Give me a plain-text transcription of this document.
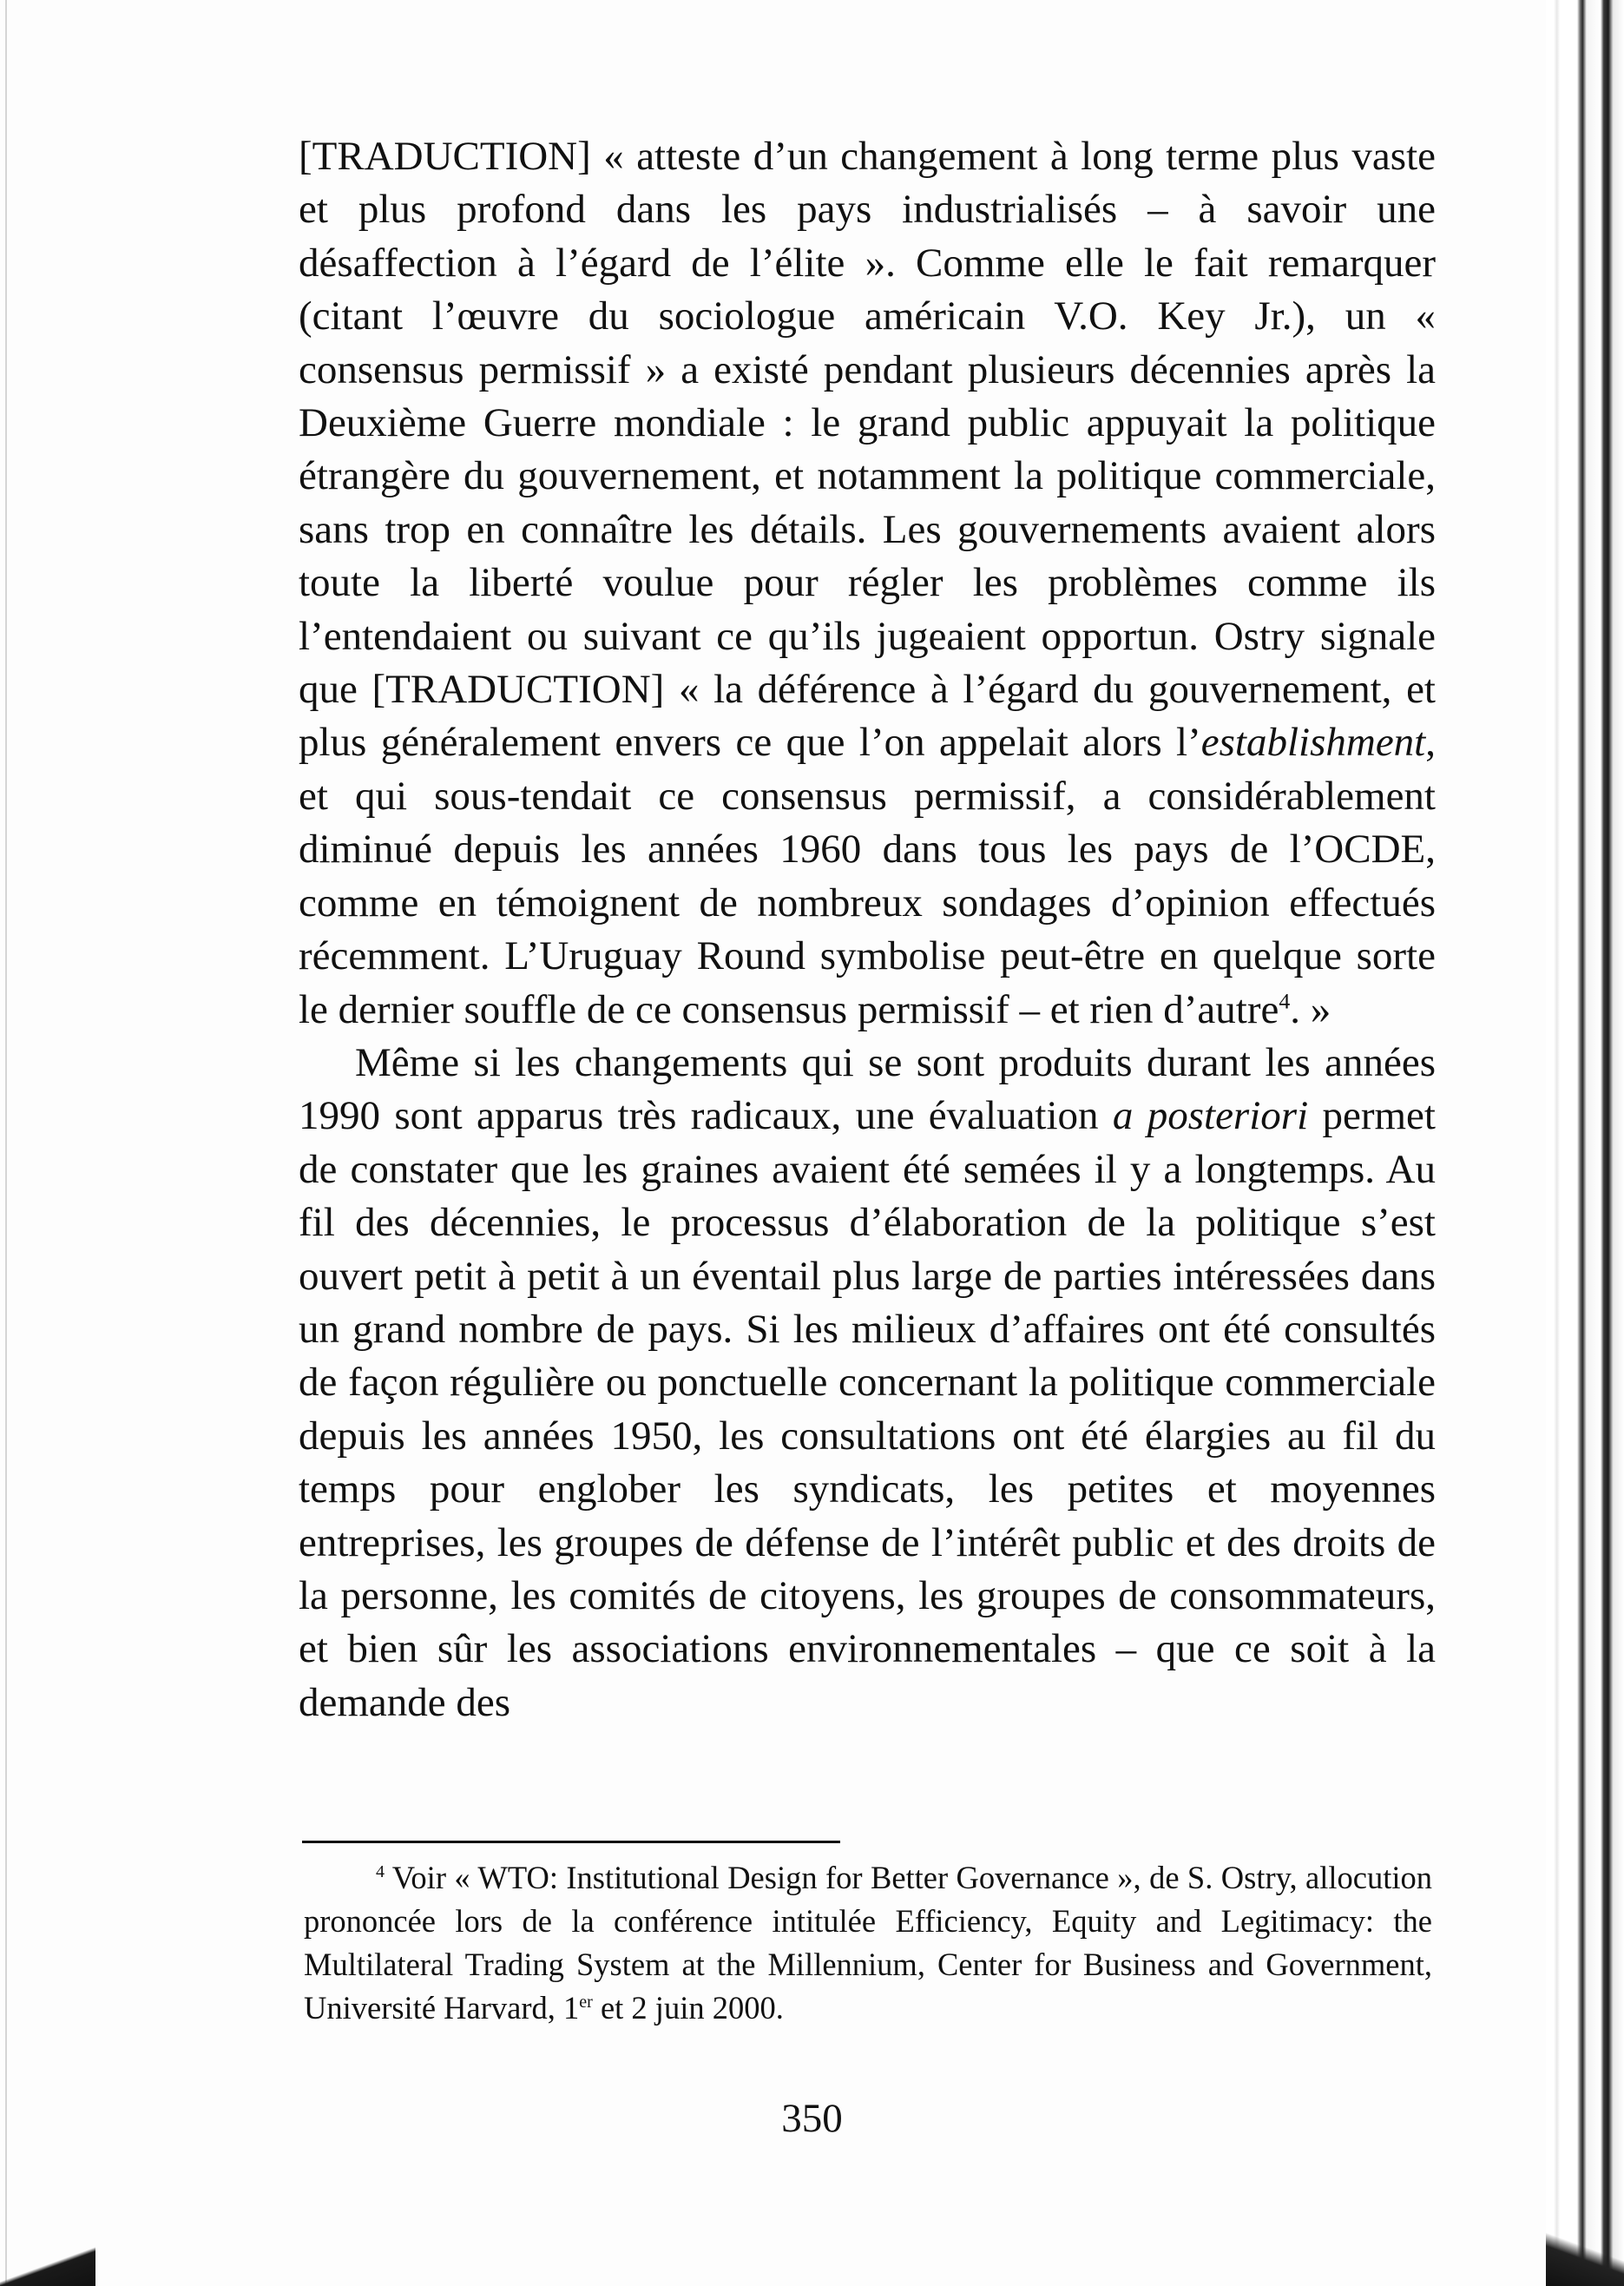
[TRADUCTION] « atteste d’un changement à long terme plus vaste et plus profond dans les pays industrialisés – à savoir une désaffection à l’égard de l’élite ». Comme elle le fait remarquer (citant l’œuvre du sociologue américain V.O. Key Jr.), un « consensus permissif » a existé pendant plusieurs décennies après la Deuxième Guerre mondiale : le grand public appuyait la politique étrangère du gouvernement, et notamment la politique commerciale, sans trop en connaître les détails. Les gouvernements avaient alors toute la liberté voulue pour régler les problèmes comme ils l’entendaient ou suivant ce qu’ils jugeaient opportun. Ostry signale que [TRADUCTION] « la déférence à l’égard du gouvernement, et plus généralement envers ce que l’on appelait alors l’establishment, et qui sous-tendait ce consensus permissif, a considérablement diminué depuis les années 1960 dans tous les pays de l’OCDE, comme en témoignent de nombreux sondages d’opinion effectués récemment. L’Uruguay Round symbolise peut-être en quelque sorte le dernier souffle de ce consensus permissif – et rien d’autre$^4$. »

Même si les changements qui se sont produits durant les années 1990 sont apparus très radicaux, une évaluation a posteriori permet de constater que les graines avaient été semées il y a longtemps. Au fil des décennies, le processus d’élaboration de la politique s’est ouvert petit à petit à un éventail plus large de parties intéressées dans un grand nombre de pays. Si les milieux d’affaires ont été consultés de façon régulière ou ponctuelle concernant la politique commerciale depuis les années 1950, les consultations ont été élargies au fil du temps pour englober les syndicats, les petites et moyennes entreprises, les groupes de défense de l’intérêt public et des droits de la personne, les comités de citoyens, les groupes de consommateurs, et bien sûr les associations environnementales – que ce soit à la demande des

$^4$ Voir « WTO: Institutional Design for Better Governance », de S. Ostry, allocution prononcée lors de la conférence intitulée Efficiency, Equity and Legitimacy: the Multilateral Trading System at the Millennium, Center for Business and Government, Université Harvard, 1er et 2 juin 2000.

350
